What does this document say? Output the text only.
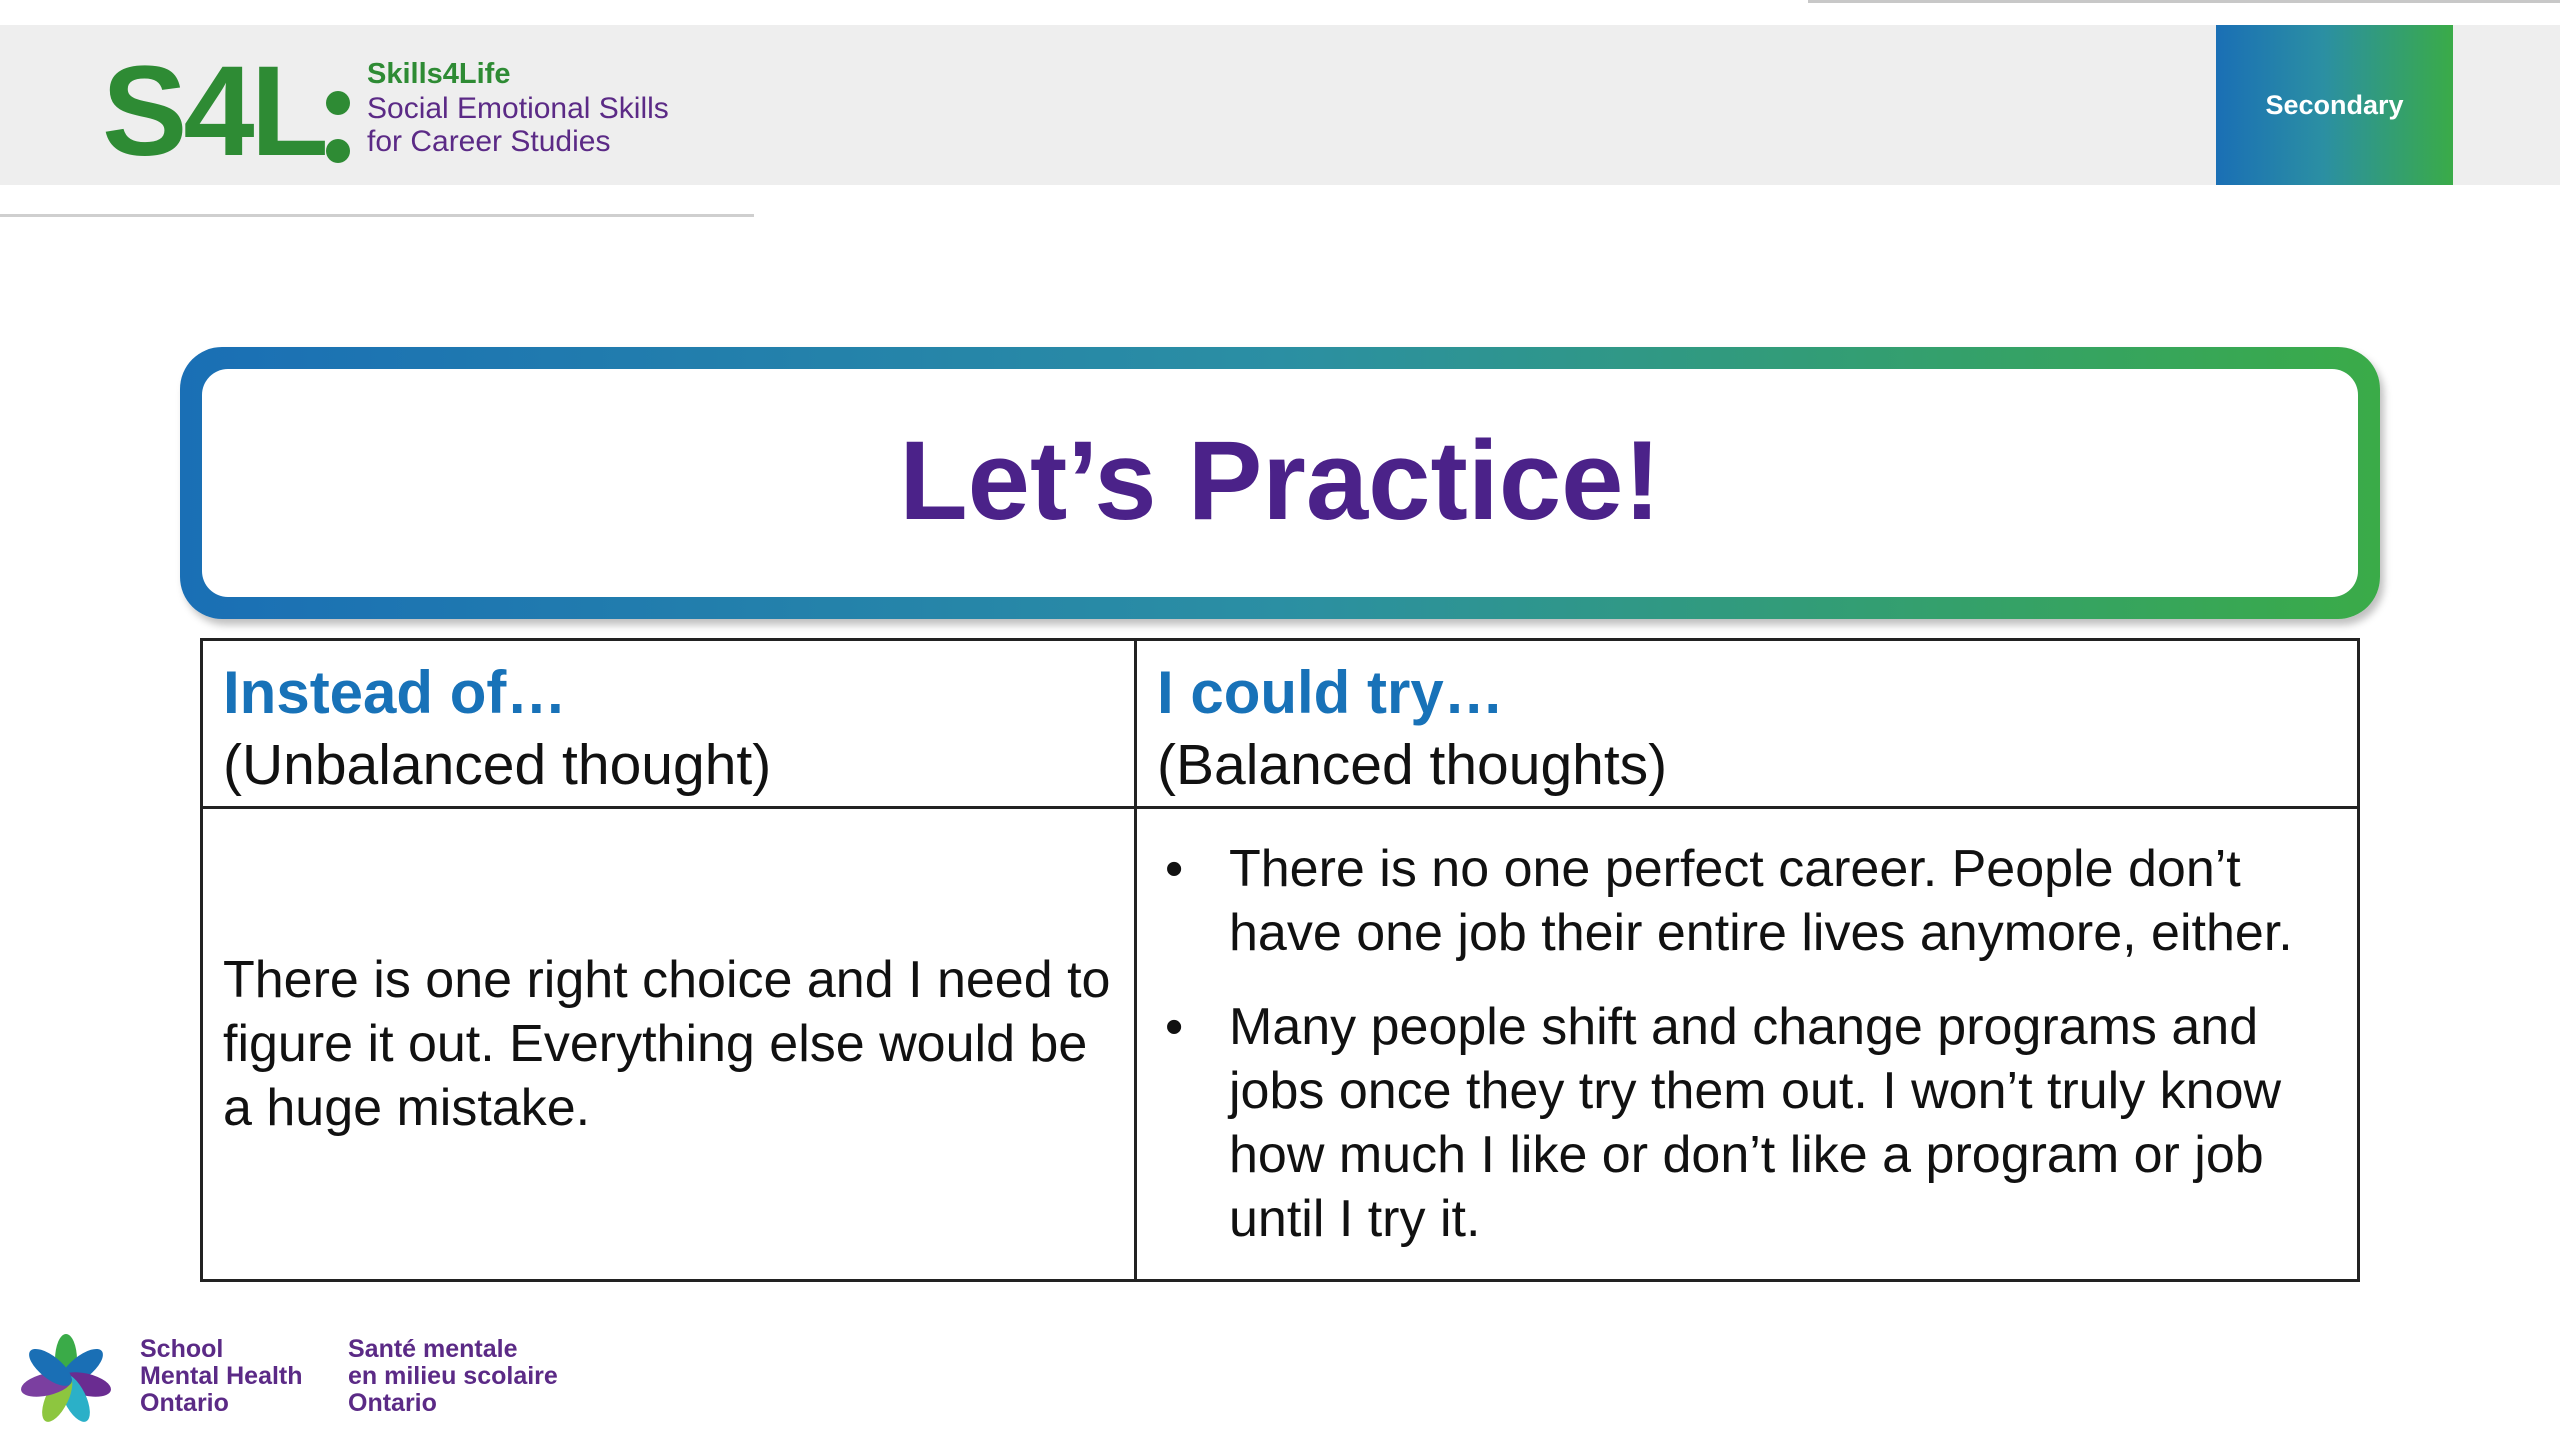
S4L Skills4Life
Social Emotional Skills
for Career Studies
Secondary
Let’s Practice!
Instead of…
(Unbalanced thought)
I could try…
(Balanced thoughts)

There is one right choice and I need to figure it out. Everything else would be a huge mistake.

• There is no one perfect career. People don’t have one job their entire lives anymore, either.
• Many people shift and change programs and jobs once they try them out. I won’t truly know how much I like or don’t like a program or job until I try it.
School
Mental Health
Ontario
Santé mentale
en milieu scolaire
Ontario
